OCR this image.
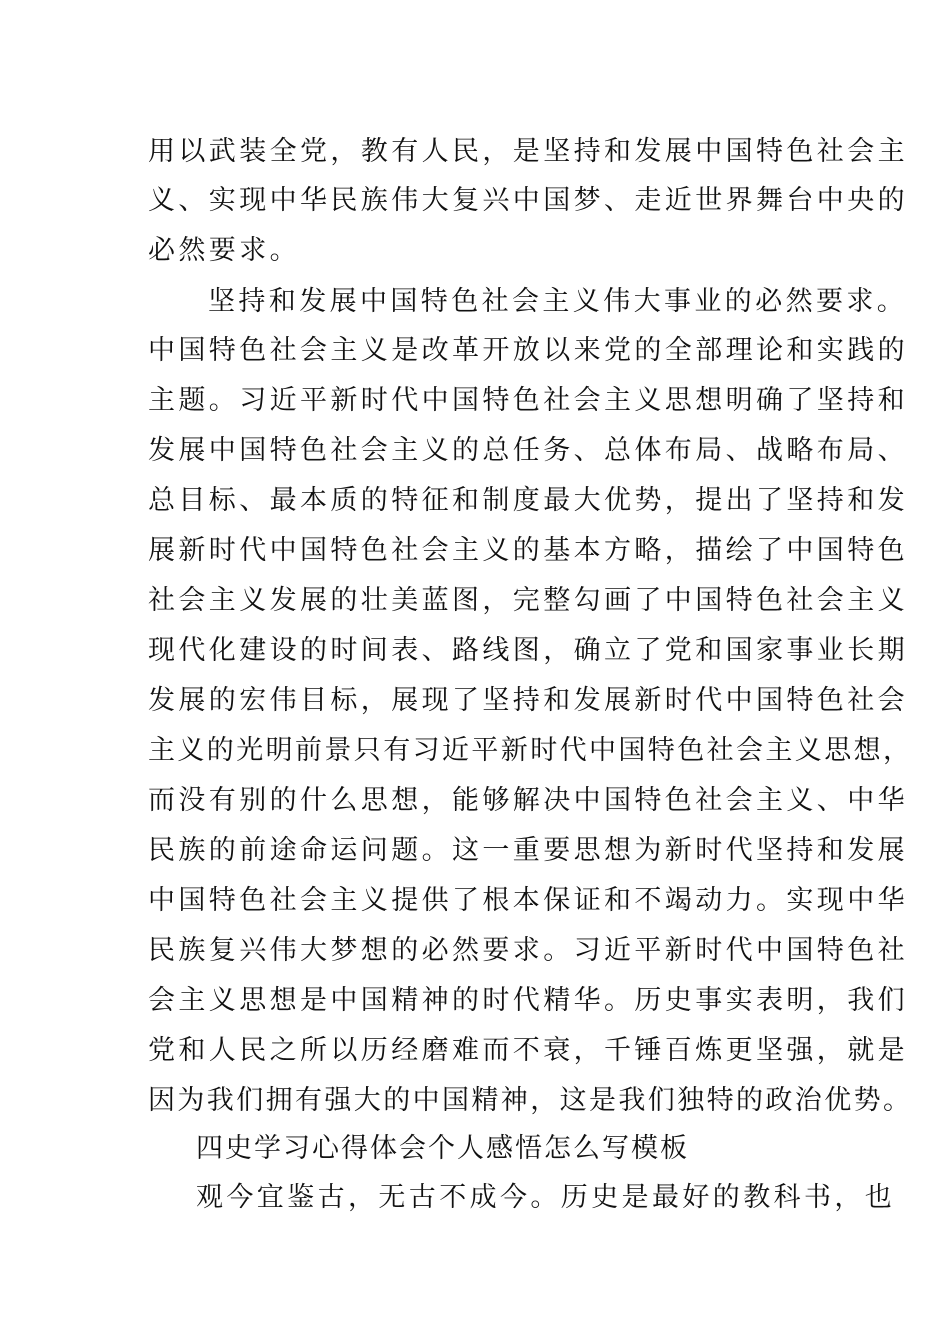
用以武装全党，教有人民，是坚持和发展中国特色社会主
义、实现中华民族伟大复兴中国梦、走近世界舞台中央的
必然要求。
坚持和发展中国特色社会主义伟大事业的必然要求。
中国特色社会主义是改革开放以来党的全部理论和实践的
主题。习近平新时代中国特色社会主义思想明确了坚持和
发展中国特色社会主义的总任务、总体布局、战略布局、
总目标、最本质的特征和制度最大优势，提出了坚持和发
展新时代中国特色社会主义的基本方略，描绘了中国特色
社会主义发展的壮美蓝图，完整勾画了中国特色社会主义
现代化建设的时间表、路线图，确立了党和国家事业长期
发展的宏伟目标，展现了坚持和发展新时代中国特色社会
主义的光明前景只有习近平新时代中国特色社会主义思想，
而没有别的什么思想，能够解决中国特色社会主义、中华
民族的前途命运问题。这一重要思想为新时代坚持和发展
中国特色社会主义提供了根本保证和不竭动力。实现中华
民族复兴伟大梦想的必然要求。习近平新时代中国特色社
会主义思想是中国精神的时代精华。历史事实表明，我们
党和人民之所以历经磨难而不衰，千锤百炼更坚强，就是
因为我们拥有强大的中国精神，这是我们独特的政治优势。
四史学习心得体会个人感悟怎么写模板
观今宜鉴古，无古不成今。历史是最好的教科书，也
